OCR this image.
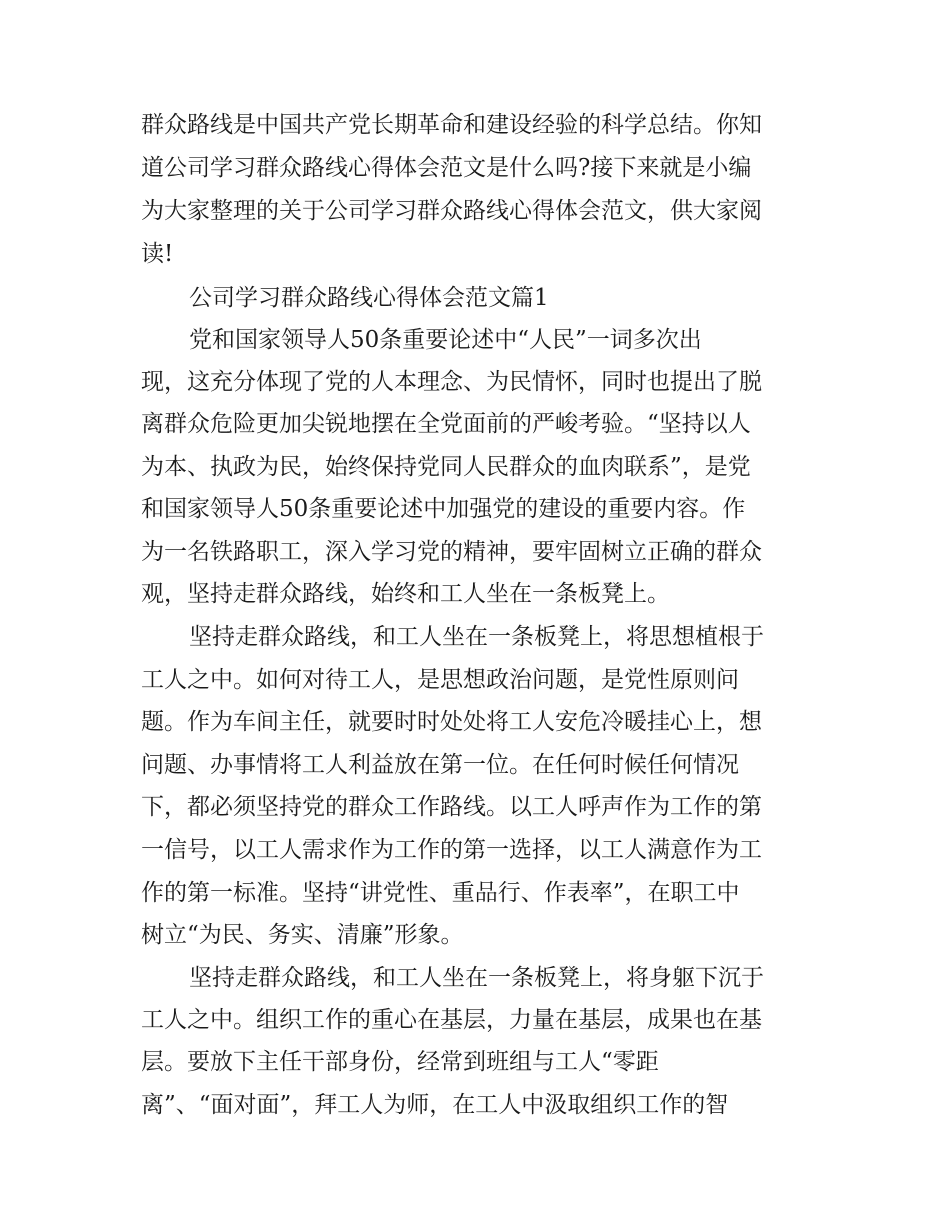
群众路线是中国共产党长期革命和建设经验的科学总结。你知
道公司学习群众路线心得体会范文是什么吗?接下来就是小编
为大家整理的关于公司学习群众路线心得体会范文，供大家阅
读!
公司学习群众路线心得体会范文篇1
党和国家领导人50条重要论述中“人民”一词多次出
现，这充分体现了党的人本理念、为民情怀，同时也提出了脱
离群众危险更加尖锐地摆在全党面前的严峻考验。“坚持以人
为本、执政为民，始终保持党同人民群众的血肉联系”，是党
和国家领导人50条重要论述中加强党的建设的重要内容。作
为一名铁路职工，深入学习党的精神，要牢固树立正确的群众
观，坚持走群众路线，始终和工人坐在一条板凳上。
坚持走群众路线，和工人坐在一条板凳上，将思想植根于
工人之中。如何对待工人，是思想政治问题，是党性原则问
题。作为车间主任，就要时时处处将工人安危冷暖挂心上，想
问题、办事情将工人利益放在第一位。在任何时候任何情况
下，都必须坚持党的群众工作路线。以工人呼声作为工作的第
一信号，以工人需求作为工作的第一选择，以工人满意作为工
作的第一标准。坚持“讲党性、重品行、作表率”，在职工中
树立“为民、务实、清廉”形象。
坚持走群众路线，和工人坐在一条板凳上，将身躯下沉于
工人之中。组织工作的重心在基层，力量在基层，成果也在基
层。要放下主任干部身份，经常到班组与工人“零距
离”、“面对面”，拜工人为师，在工人中汲取组织工作的智
